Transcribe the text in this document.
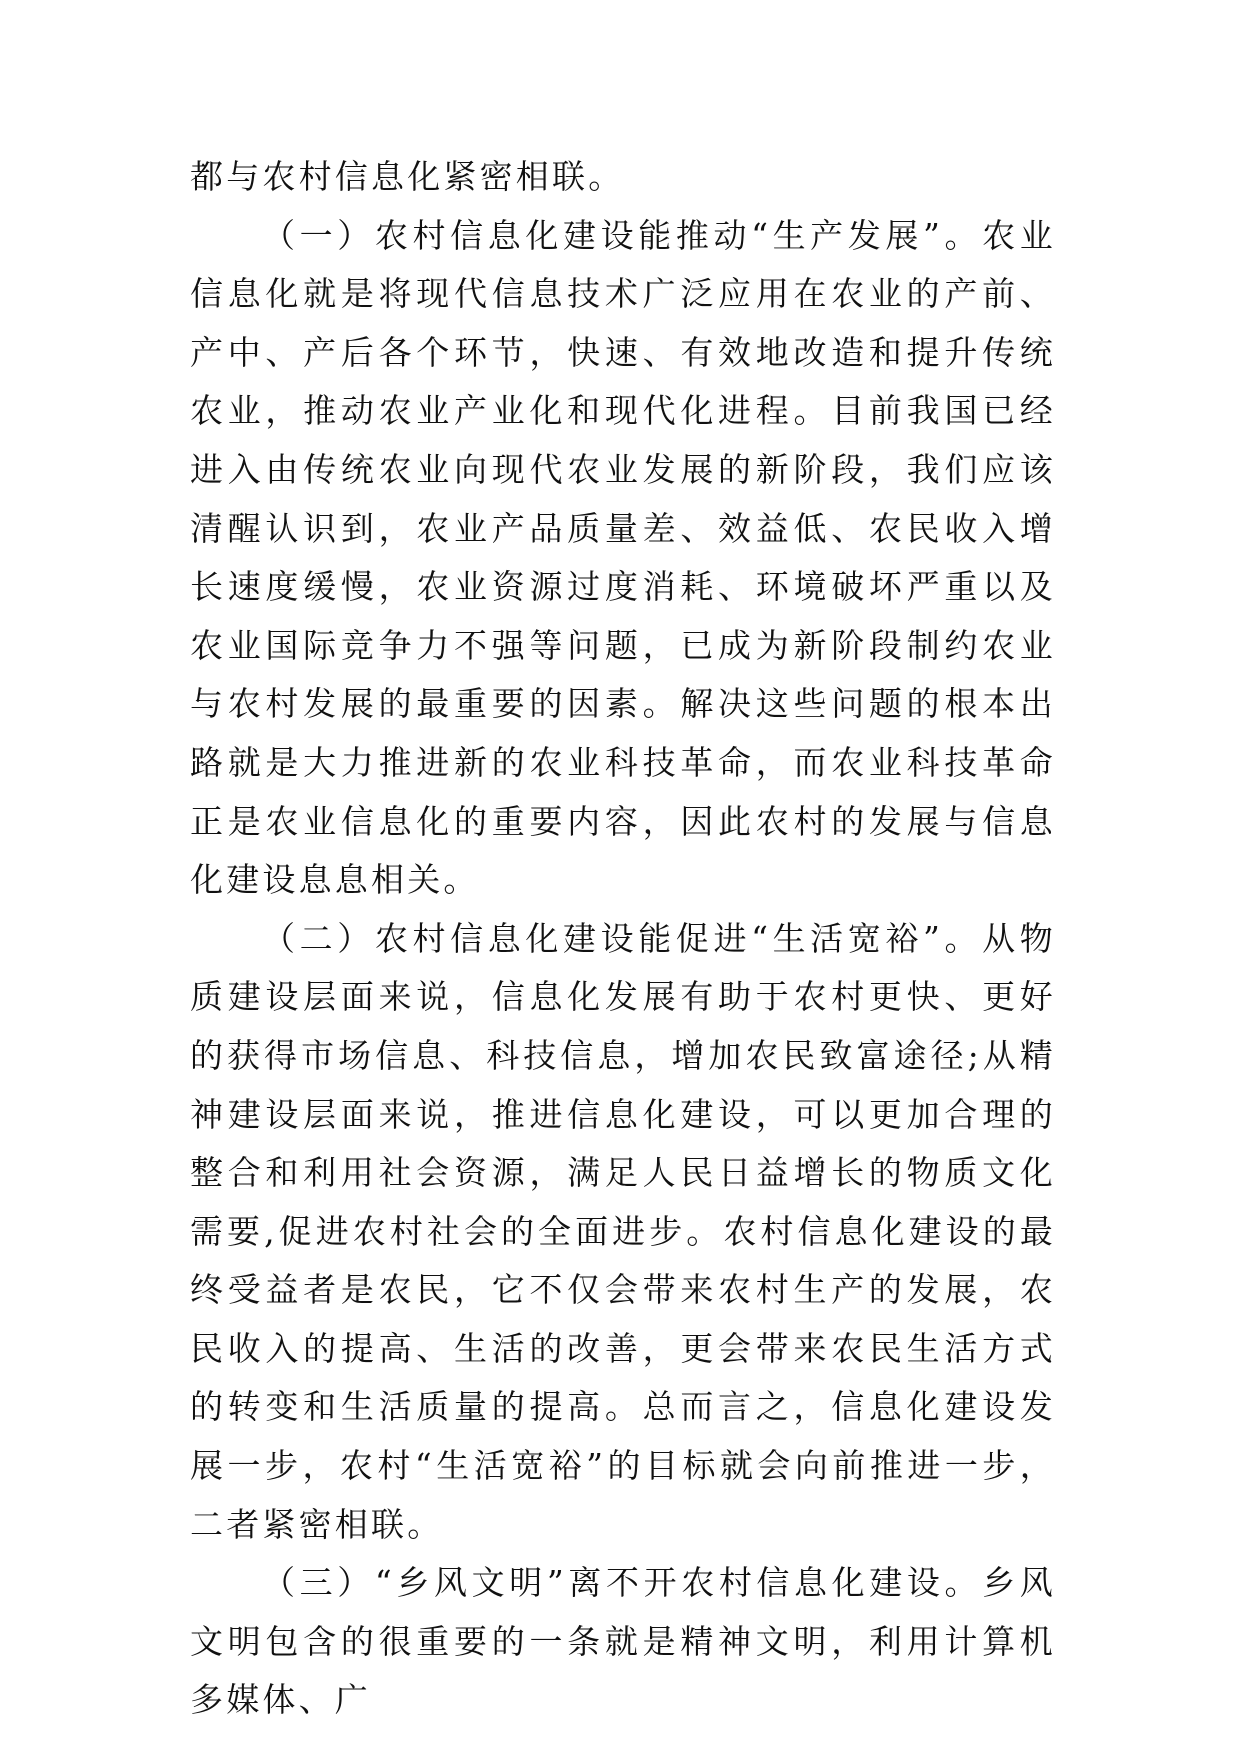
都与农村信息化紧密相联。

（一）农村信息化建设能推动“生产发展”。农业信息化就是将现代信息技术广泛应用在农业的产前、产中、产后各个环节，快速、有效地改造和提升传统农业，推动农业产业化和现代化进程。目前我国已经进入由传统农业向现代农业发展的新阶段，我们应该清醒认识到，农业产品质量差、效益低、农民收入增长速度缓慢，农业资源过度消耗、环境破坏严重以及农业国际竞争力不强等问题，已成为新阶段制约农业与农村发展的最重要的因素。解决这些问题的根本出路就是大力推进新的农业科技革命，而农业科技革命正是农业信息化的重要内容，因此农村的发展与信息化建设息息相关。

（二）农村信息化建设能促进“生活宽裕”。从物质建设层面来说，信息化发展有助于农村更快、更好的获得市场信息、科技信息，增加农民致富途径;从精神建设层面来说，推进信息化建设，可以更加合理的整合和利用社会资源，满足人民日益增长的物质文化需要,促进农村社会的全面进步。农村信息化建设的最终受益者是农民，它不仅会带来农村生产的发展，农民收入的提高、生活的改善，更会带来农民生活方式的转变和生活质量的提高。总而言之，信息化建设发展一步，农村“生活宽裕”的目标就会向前推进一步，二者紧密相联。

（三）“乡风文明”离不开农村信息化建设。乡风文明包含的很重要的一条就是精神文明，利用计算机多媒体、广
